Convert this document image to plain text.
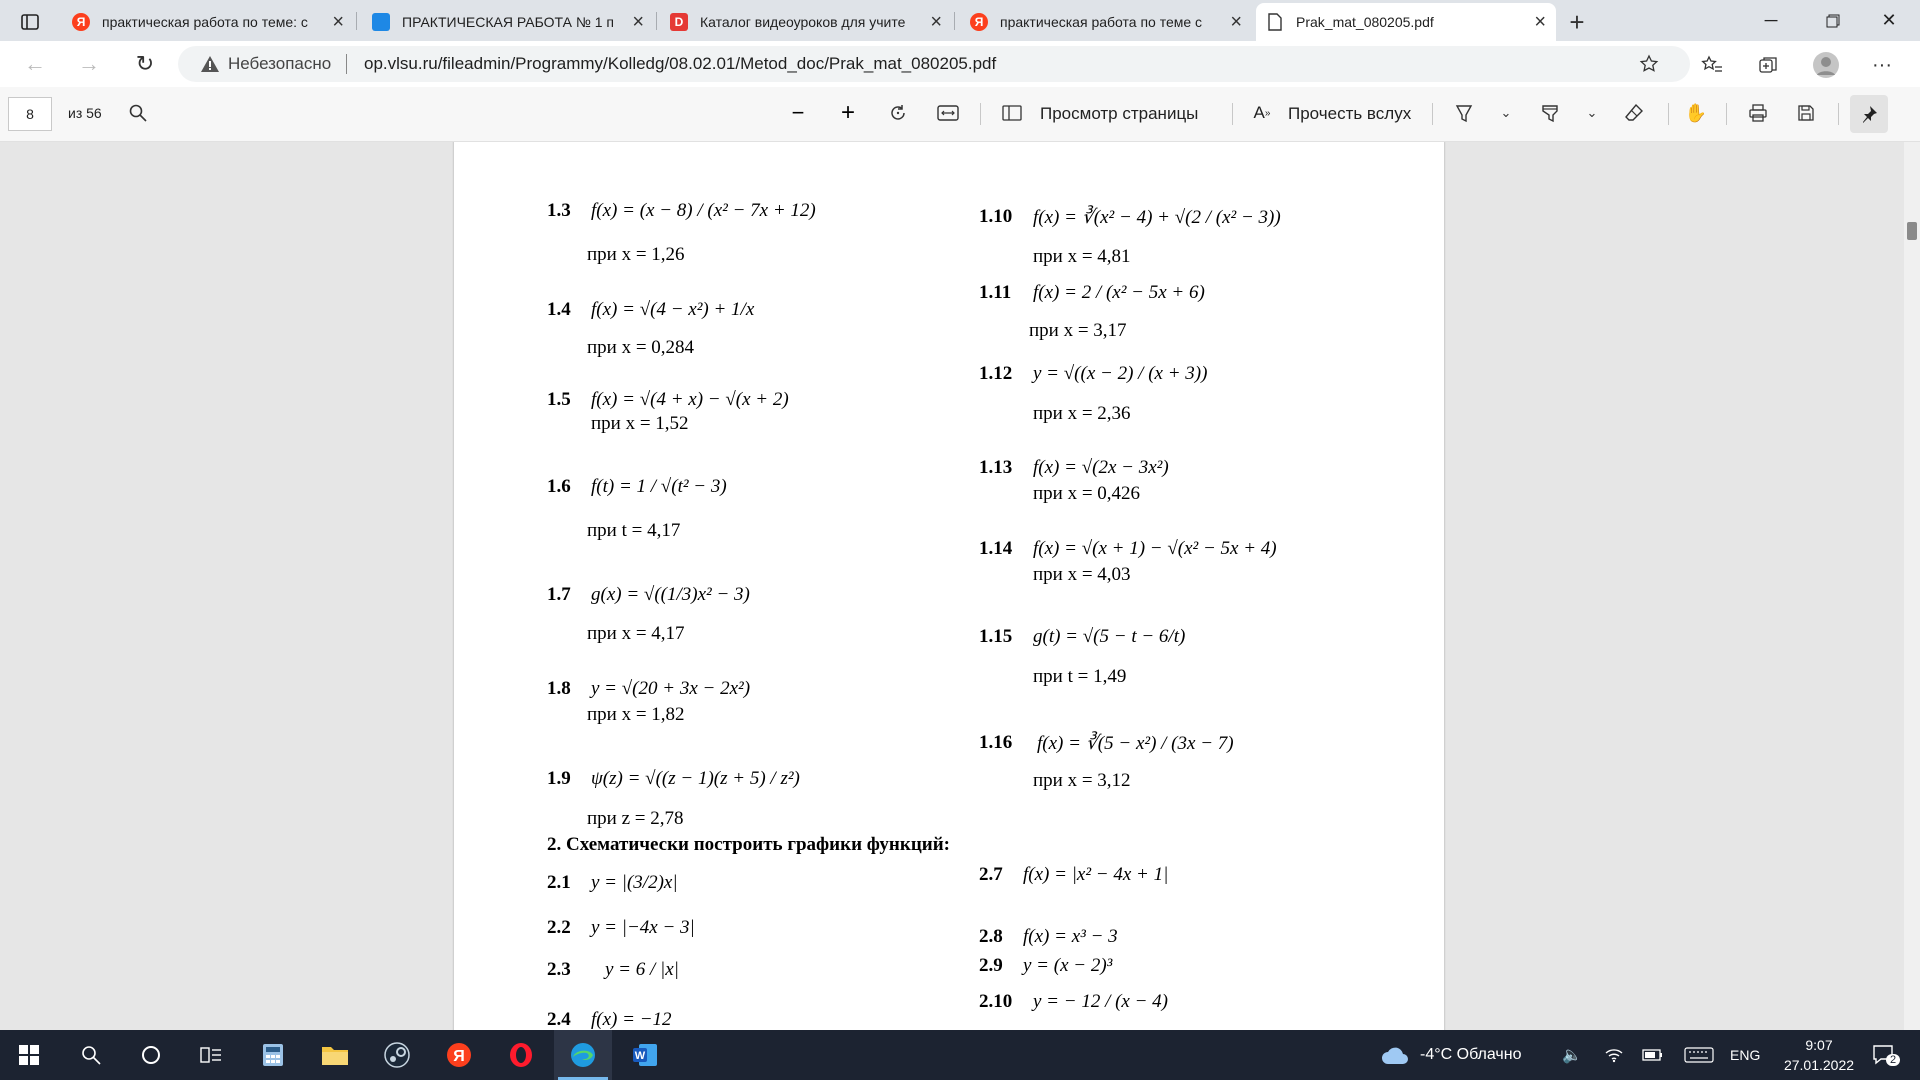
Я	практическая работа по теме: с	×	ПРАКТИЧЕСКАЯ РАБОТА № 1 п ×	D	Каталог видеоуроков для учите	×	Я	практическая работа по теме с	×	Prak_mat_080205.pdf	× +	─	✕
← →	↻	Небезопасно op.vlsu.ru/fileadmin/Programmy/Kolledg/08.02.01/Metod_doc/Prak_mat_080205.pdf	···
8
из 56	− +	Просмотр страницы	A » Прочесть вслух	⌄	⌄	✋
1.3 f(x) = (x − 8) / (x² − 7x + 12)
при x = 1,26
1.4 f(x) = √(4 − x²) + 1/x
при x = 0,284
1.5 f(x) = √(4 + x) − √(x + 2)
при x = 1,52
1.6 f(t) = 1 / √(t² − 3)
при t = 4,17
1.7 g(x) = √((1/3)x² − 3)
при x = 4,17
1.8 y = √(20 + 3x − 2x²)
при x = 1,82
1.9 ψ(z) = √((z − 1)(z + 5) / z²)
при z = 2,78
1.10 f(x) = ∛(x² − 4) + √(2 / (x² − 3))
при x = 4,81
1.11 f(x) = 2 / (x² − 5x + 6)
при x = 3,17
1.12 y = √((x − 2) / (x + 3))
при x = 2,36
1.13 f(x) = √(2x − 3x²)
при x = 0,426
1.14 f(x) = √(x + 1) − √(x² − 5x + 4)
при x = 4,03
1.15 g(t) = √(5 − t − 6/t)
при t = 1,49
1.16 f(x) = ∛(5 − x²) / (3x − 7)
при x = 3,12
2. Схематически построить графики функций:
2.1 y = |(3/2)x|
2.2 y = |−4x − 3|
2.3 y = 6 / |x|
2.4 f(x) = −12
2.7 f(x) = |x² − 4x + 1|
2.8 f(x) = x³ − 3
2.9 y = (x − 2)³
2.10 y = − 12 / (x − 4)
Я	W	-4°C Облачно	🔈	ENG
9:07
27.01.2022	2
